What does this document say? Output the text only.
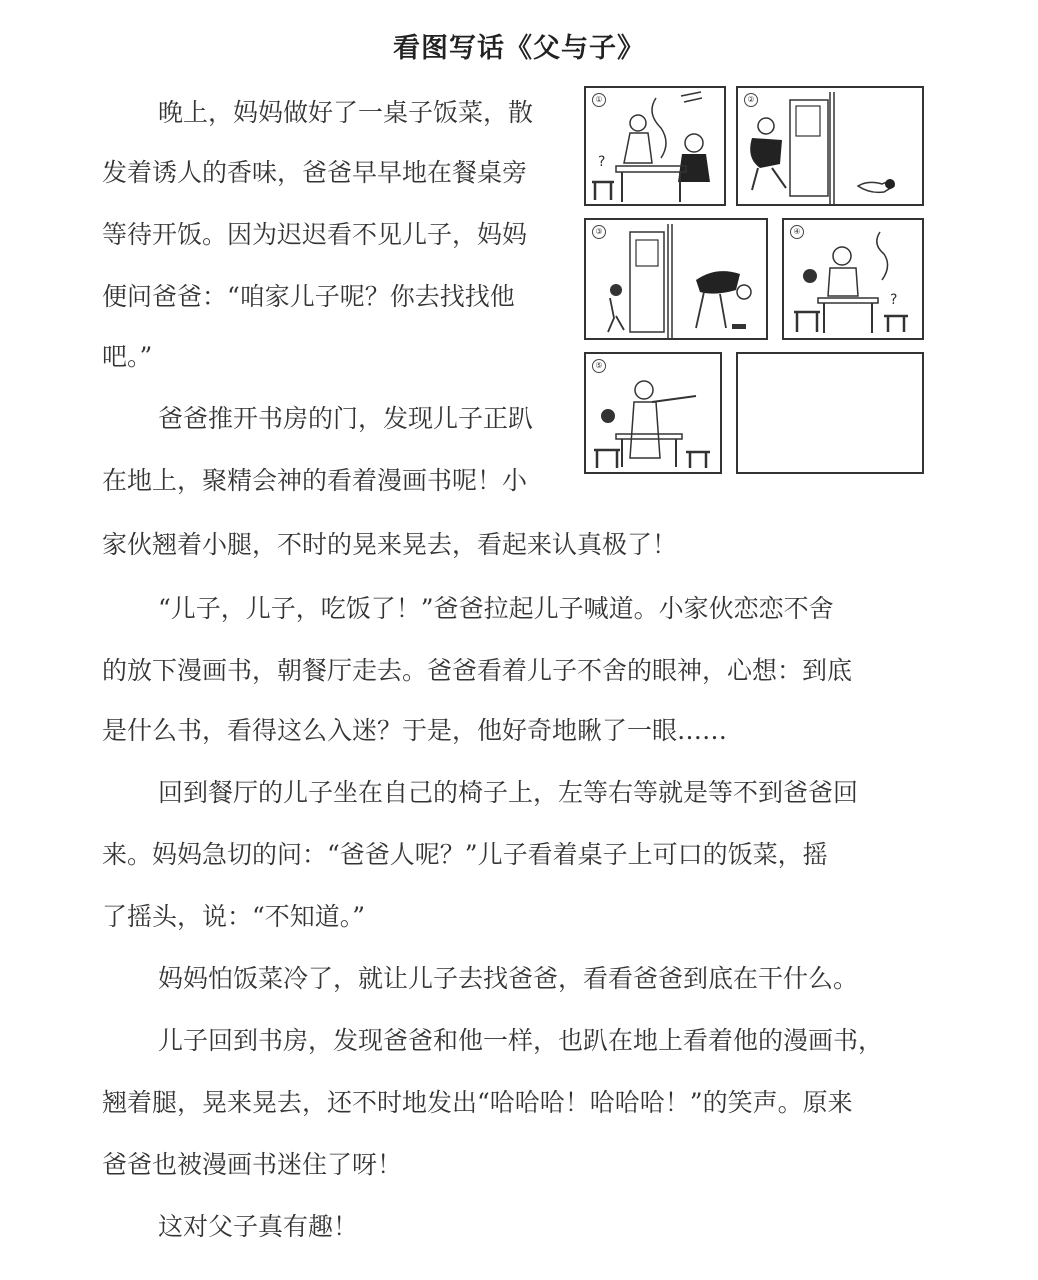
看图写话《父与子》
晚上，妈妈做好了一桌子饭菜，散
发着诱人的香味，爸爸早早地在餐桌旁
等待开饭。因为迟迟看不见儿子，妈妈
便问爸爸：“咱家儿子呢？你去找找他
吧。”
爸爸推开书房的门，发现儿子正趴
在地上，聚精会神的看着漫画书呢！小
家伙翘着小腿，不时的晃来晃去，看起来认真极了！
“儿子，儿子，吃饭了！”爸爸拉起儿子喊道。小家伙恋恋不舍
的放下漫画书，朝餐厅走去。爸爸看着儿子不舍的眼神，心想：到底
是什么书，看得这么入迷？于是，他好奇地瞅了一眼……
回到餐厅的儿子坐在自己的椅子上，左等右等就是等不到爸爸回
来。妈妈急切的问：“爸爸人呢？”儿子看着桌子上可口的饭菜，摇
了摇头，说：“不知道。”
妈妈怕饭菜冷了，就让儿子去找爸爸，看看爸爸到底在干什么。
儿子回到书房，发现爸爸和他一样，也趴在地上看着他的漫画书，
翘着腿，晃来晃去，还不时地发出“哈哈哈！哈哈哈！”的笑声。原来
爸爸也被漫画书迷住了呀！
这对父子真有趣！
①
?
②
③	④
?
⑤
